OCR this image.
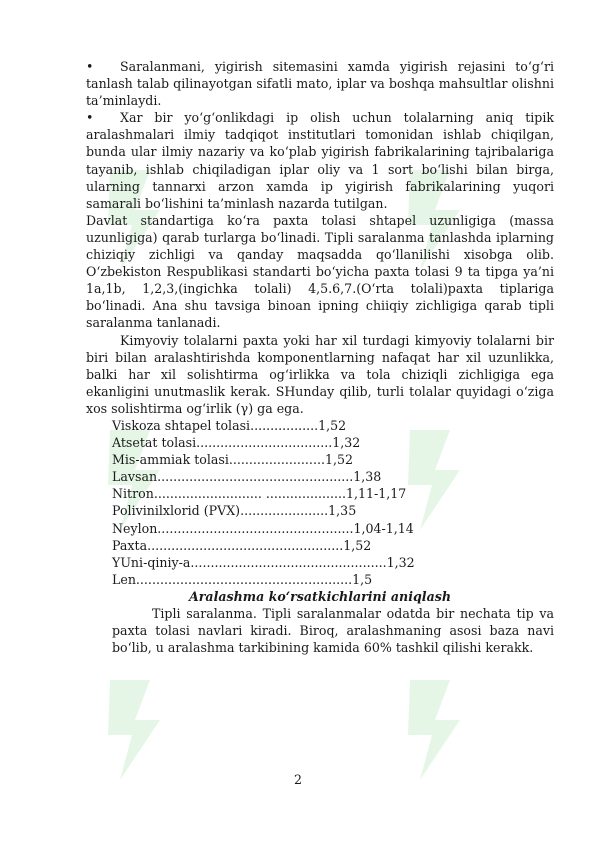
• Saralanmani, yigirish sitemasini xamda yigirish rejasini to‘g‘ri tanlash talab qilinayotgan sifatli mato, iplar va boshqa mahsultlar olishni ta’minlaydi.

• Xar bir yo‘g‘onlikdagi ip olish uchun tolalarning aniq tipik aralashmalari ilmiy tadqiqot institutlari tomonidan ishlab chiqilgan, bunda ular ilmiy nazariy va ko‘plab yigirish fabrikalarining tajribalariga tayanib, ishlab chiqiladigan iplar oliy va 1 sort bo‘lishi bilan birga, ularning tannarxi arzon xamda ip yigirish fabrikalarining yuqori samarali bo‘lishini ta’minlash nazarda tutilgan.

Davlat standartiga ko‘ra paxta tolasi shtapel uzunligiga (massa uzunligiga) qarab turlarga bo‘linadi. Tipli saralanma tanlashda iplarning chiziqiy zichligi va qanday maqsadda qo‘llanilishi xisobga olib. O‘zbekiston Respublikasi standarti bo‘yicha paxta tolasi 9 ta tipga ya’ni 1a,1b, 1,2,3,(ingichka tolali) 4,5.6,7.(O‘rta tolali)paxta tiplariga bo‘linadi. Ana shu tavsiga binoan ipning chiiqiy zichligiga qarab tipli saralanma tanlanadi.

Kimyoviy tolalarni paxta yoki har xil turdagi kimyoviy tolalarni bir biri bilan aralashtirishda komponentlarning nafaqat har xil uzunlikka, balki har xil solishtirma og‘irlikka va tola chiziqli zichligiga ega ekanligini unutmaslik kerak. SHunday qilib, turli tolalar quyidagi o‘ziga xos solishtirma og‘irlik (γ) ga ega.

Viskoza shtapel tolasi.................1,52
Atsetat tolasi..................................1,32
Mis-ammiak tolasi........................1,52
Lavsan.................................................1,38
Nitron........................... ....................1,11-1,17
Polivinilxlorid (PVX)......................1,35
Neylon.................................................1,04-1,14
Paxta.................................................1,52
YUni-qiniy-a.................................................1,32
Len......................................................1,5

Aralashma ko‘rsatkichlarini aniqlash

Tipli saralanma. Tipli saralanmalar odatda bir nechata tip va paxta tolasi navlari kiradi. Biroq, aralashmaning asosi baza navi bo‘lib, u aralashma tarkibining kamida 60% tashkil qilishi kerakk.

2
